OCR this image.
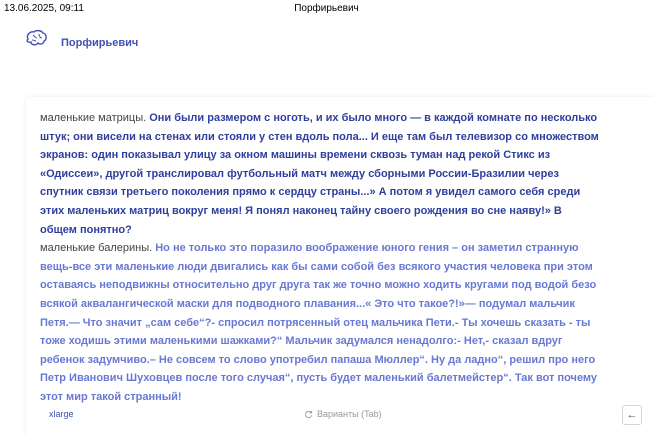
13.06.2025, 09:11	Порфирьевич
Порфирьевич
маленькие матрицы. Они были размером с ноготь, и их было много — в каждой комнате по несколько
штук; они висели на стенах или стояли у стен вдоль пола... И еще там был телевизор со множеством
экранов: один показывал улицу за окном машины времени сквозь туман над рекой Стикс из
«Одиссеи», другой транслировал футбольный матч между сборными России-Бразилии через
спутник связи третьего поколения прямо к сердцу страны...» А потом я увидел самого себя среди
этих маленьких матриц вокруг меня! Я понял наконец тайну своего рождения во сне наяву!» В
общем понятно?
маленькие балерины. Но не только это поразило воображение юного гения – он заметил странную
вещь-все эти маленькие люди двигались как бы сами собой без всякого участия человека при этом
оставаясь неподвижны относительно друг друга так же точно можно ходить кругами под водой безо
всякой аквалангической маски для подводного плавания...« Это что такое?!»— подумал мальчик
Петя.— Что значит „сам себе“?- спросил потрясенный отец мальчика Пети.- Ты хочешь сказать - ты
тоже ходишь этими маленькими шажками?“ Мальчик задумался ненадолго:- Нет,- сказал вдруг
ребенок задумчиво.– Не совсем то слово употребил папаша Мюллер“. Ну да ладно“, решил про него
Петр Иванович Шуховцев после того случая“, пусть будет маленький балетмейстер“. Так вот почему
этот мир такой странный!
xlarge	Варианты (Tab)	←
